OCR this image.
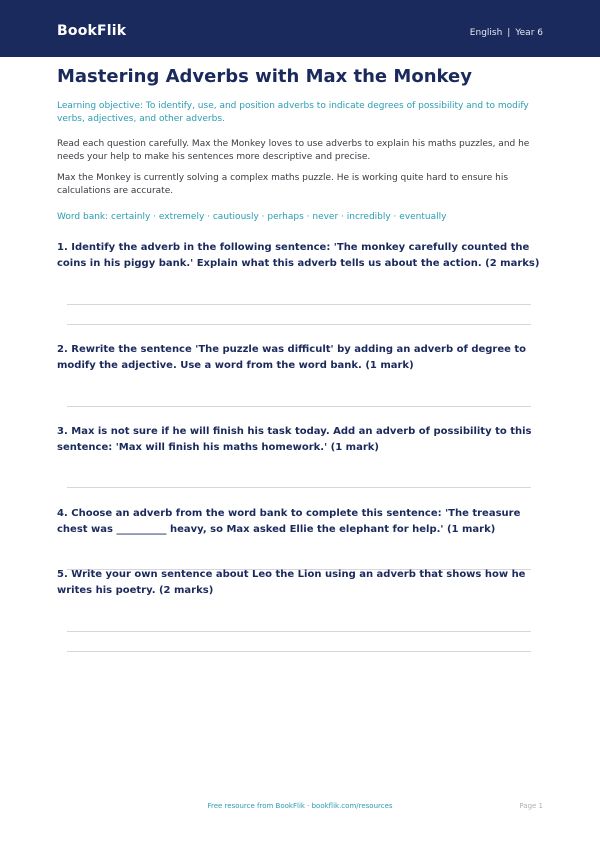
BookFlik	English | Year 6
Mastering Adverbs with Max the Monkey
Learning objective: To identify, use, and position adverbs to indicate degrees of possibility and to modify verbs, adjectives, and other adverbs.
Read each question carefully. Max the Monkey loves to use adverbs to explain his maths puzzles, and he needs your help to make his sentences more descriptive and precise.
Max the Monkey is currently solving a complex maths puzzle. He is working quite hard to ensure his calculations are accurate.
Word bank: certainly · extremely · cautiously · perhaps · never · incredibly · eventually
1. Identify the adverb in the following sentence: 'The monkey carefully counted the coins in his piggy bank.' Explain what this adverb tells us about the action. (2 marks)
2. Rewrite the sentence 'The puzzle was difficult' by adding an adverb of degree to modify the adjective. Use a word from the word bank. (1 mark)
3. Max is not sure if he will finish his task today. Add an adverb of possibility to this sentence: 'Max will finish his maths homework.' (1 mark)
4. Choose an adverb from the word bank to complete this sentence: 'The treasure chest was __________ heavy, so Max asked Ellie the elephant for help.' (1 mark)
5. Write your own sentence about Leo the Lion using an adverb that shows how he writes his poetry. (2 marks)
Free resource from BookFlik · bookflik.com/resources	Page 1
